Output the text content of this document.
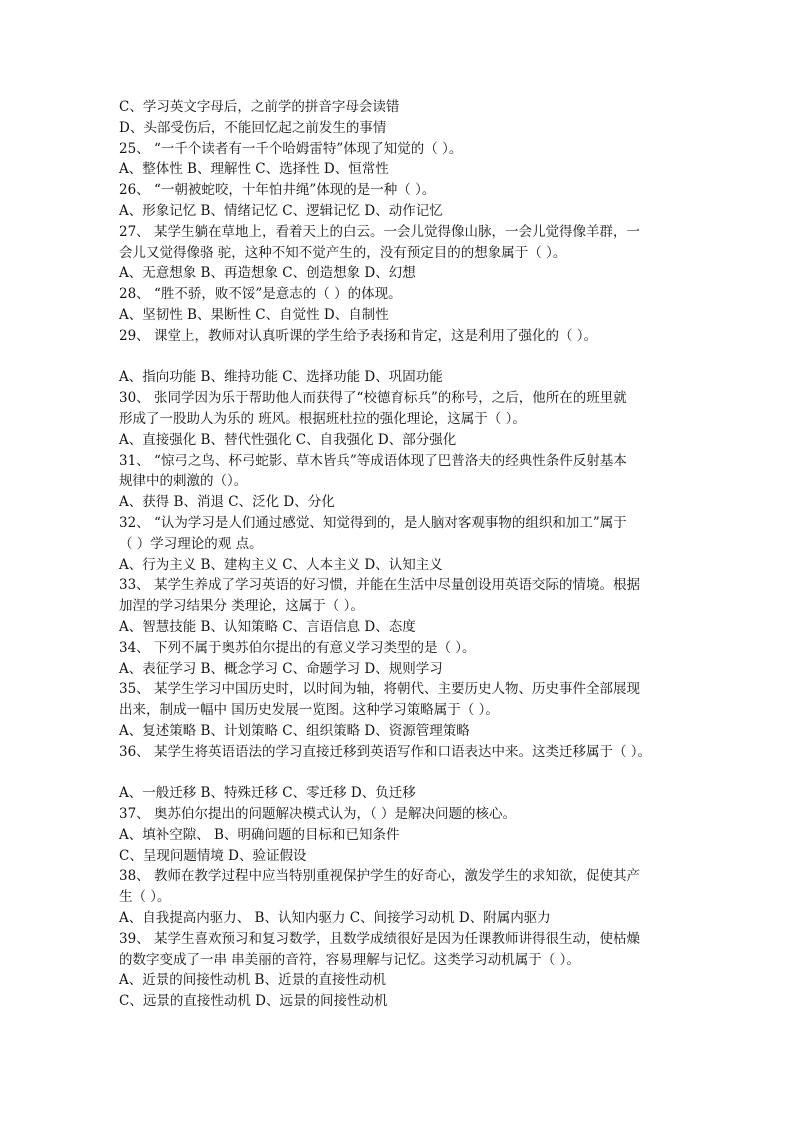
C、学习英文字母后，之前学的拼音字母会读错
D、头部受伤后，不能回忆起之前发生的事情
25、 “一千个读者有一千个哈姆雷特”体现了知觉的（ ）。
A、整体性 B、理解性 C、选择性 D、恒常性
26、 “一朝被蛇咬，十年怕井绳”体现的是一种（ ）。
A、形象记忆 B、情绪记忆 C、逻辑记忆 D、动作记忆
27、 某学生躺在草地上，看着天上的白云。一会儿觉得像山脉，一会儿觉得像羊群，一
会儿又觉得像骆 驼，这种不知不觉产生的，没有预定目的的想象属于（ ）。
A、无意想象 B、再造想象 C、创造想象 D、幻想
28、 “胜不骄，败不馁”是意志的（ ）的体现。
A、坚韧性 B、果断性 C、自觉性 D、自制性
29、 课堂上，教师对认真听课的学生给予表扬和肯定，这是利用了强化的（ ）。
A、指向功能 B、维持功能 C、选择功能 D、巩固功能
30、 张同学因为乐于帮助他人而获得了“校德育标兵”的称号，之后，他所在的班里就
形成了一股助人为乐的 班风。根据班杜拉的强化理论，这属于（ ）。
A、直接强化 B、替代性强化 C、自我强化 D、部分强化
31、 “惊弓之鸟、杯弓蛇影、草木皆兵”等成语体现了巴普洛夫的经典性条件反射基本
规律中的刺激的（）。
A、获得 B、消退 C、泛化 D、分化
32、 “认为学习是人们通过感觉、知觉得到的，是人脑对客观事物的组织和加工”属于
（ ）学习理论的观 点。
A、行为主义 B、建构主义 C、人本主义 D、认知主义
33、 某学生养成了学习英语的好习惯，并能在生活中尽量创设用英语交际的情境。根据
加涅的学习结果分 类理论，这属于（ ）。
A、智慧技能 B、认知策略 C、言语信息 D、态度
34、 下列不属于奥苏伯尔提出的有意义学习类型的是（ ）。
A、表征学习 B、概念学习 C、命题学习 D、规则学习
35、 某学生学习中国历史时，以时间为轴，将朝代、主要历史人物、历史事件全部展现
出来，制成一幅中 国历史发展一览图。这种学习策略属于（ ）。
A、复述策略 B、计划策略 C、组织策略 D、资源管理策略
36、 某学生将英语语法的学习直接迁移到英语写作和口语表达中来。这类迁移属于（ ）。
A、一般迁移 B、特殊迁移 C、零迁移 D、负迁移
37、 奥苏伯尔提出的问题解决模式认为，（ ）是解决问题的核心。
A、填补空隙、 B、明确问题的目标和已知条件
C、呈现问题情境 D、验证假设
38、 教师在教学过程中应当特别重视保护学生的好奇心，激发学生的求知欲，促使其产
生（ ）。
A、自我提高内驱力、 B、认知内驱力 C、间接学习动机 D、附属内驱力
39、 某学生喜欢预习和复习数学，且数学成绩很好是因为任课教师讲得很生动，使枯燥
的数字变成了一串 串美丽的音符，容易理解与记忆。这类学习动机属于（ ）。
A、近景的间接性动机 B、近景的直接性动机
C、远景的直接性动机 D、远景的间接性动机
